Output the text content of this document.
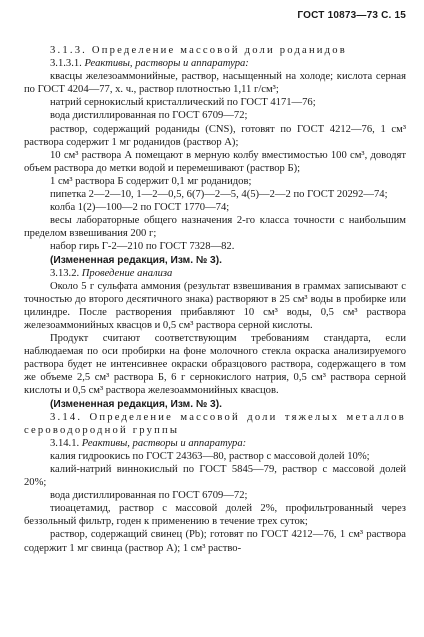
ГОСТ 10873—73 С. 15

3.1.3. Определение массовой доли роданидов

3.1.3.1. Реактивы, растворы и аппаратура:

квасцы железоаммонийные, раствор, насыщенный на холоде; кислота серная по ГОСТ 4204—77, х. ч., раствор плотностью 1,11 г/см³;

натрий сернокислый кристаллический по ГОСТ 4171—76;

вода дистиллированная по ГОСТ 6709—72;

раствор, содержащий роданиды (CNS), готовят по ГОСТ 4212—76, 1 см³ раствора содержит 1 мг роданидов (раствор А);

10 см³ раствора А помещают в мерную колбу вместимостью 100 см³, доводят объем раствора до метки водой и перемешивают (раствор Б);

1 см³ раствора Б содержит 0,1 мг роданидов;

пипетка 2—2—10, 1—2—0,5, 6(7)—2—5, 4(5)—2—2 по ГОСТ 20292—74;

колба 1(2)—100—2 по ГОСТ 1770—74;

весы лабораторные общего назначения 2-го класса точности с наибольшим пределом взвешивания 200 г;

набор гирь Г-2—210 по ГОСТ 7328—82.

(Измененная редакция, Изм. № 3).

3.13.2. Проведение анализа

Около 5 г сульфата аммония (результат взвешивания в граммах записывают с точностью до второго десятичного знака) растворяют в 25 см³ воды в пробирке или цилиндре. После растворения прибавляют 10 см³ воды, 0,5 см³ раствора железоаммонийных квасцов и 0,5 см³ раствора серной кислоты.

Продукт считают соответствующим требованиям стандарта, если наблюдаемая по оси пробирки на фоне молочного стекла окраска анализируемого раствора будет не интенсивнее окраски образцового раствора, содержащего в том же объеме 2,5 см³ раствора Б, 6 г сернокислого натрия, 0,5 см³ раствора серной кислоты и 0,5 см³ раствора железоаммонийных квасцов.

(Измененная редакция, Изм. № 3).

3.14. Определение массовой доли тяжелых металлов сероводородной группы

3.14.1. Реактивы, растворы и аппаратура:

калия гидроокись по ГОСТ 24363—80, раствор с массовой долей 10%;

калий-натрий виннокислый по ГОСТ 5845—79, раствор с массовой долей 20%;

вода дистиллированная по ГОСТ 6709—72;

тиоацетамид, раствор с массовой долей 2%, профильтрованный через беззольный фильтр, годен к применению в течение трех суток;

раствор, содержащий свинец (Pb); готовят по ГОСТ 4212—76, 1 см³ раствора содержит 1 мг свинца (раствор А); 1 см³ раство-
